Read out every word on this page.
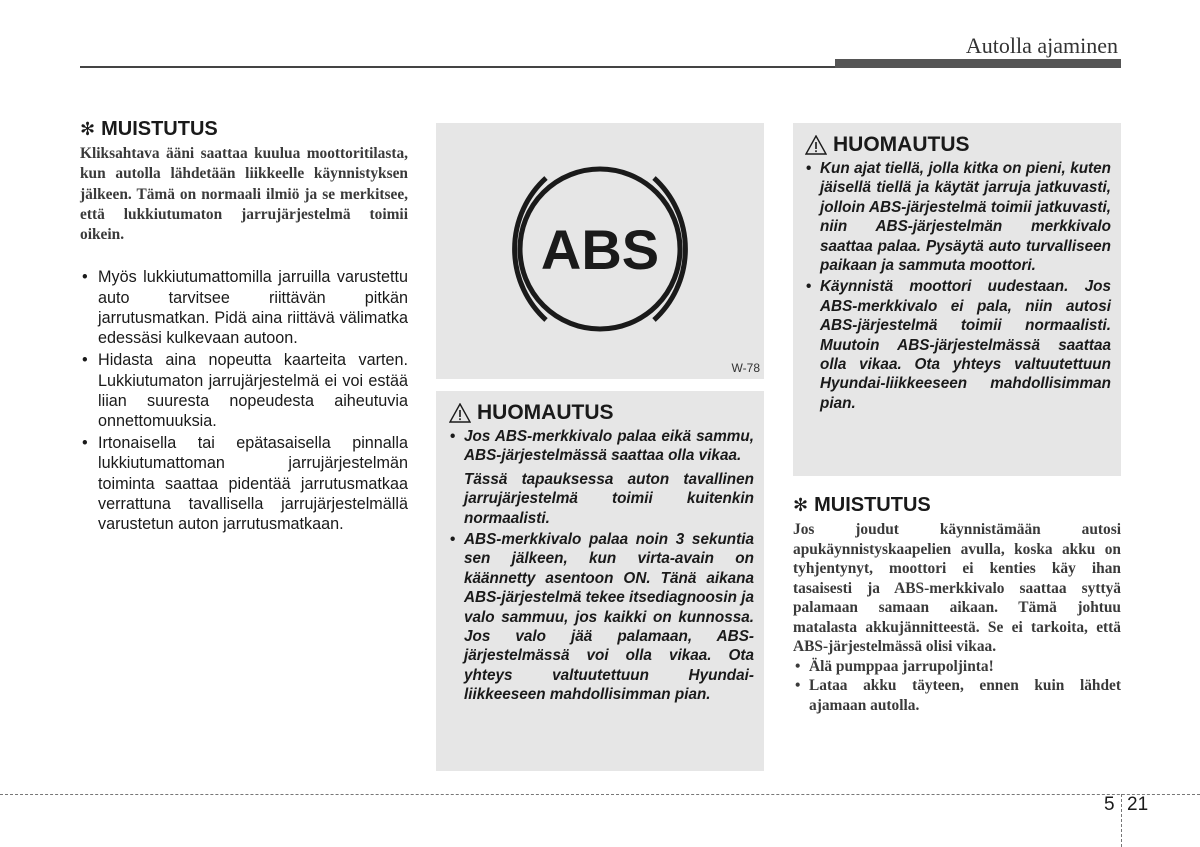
Autolla ajaminen
✻ MUISTUTUS

Kliksahtava ääni saattaa kuulua moottoritilasta, kun autolla lähdetään liikkeelle käynnistyksen jälkeen. Tämä on normaali ilmiö ja se merkitsee, että lukkiutumaton jarrujärjestelmä toimii oikein.

• Myös lukkiutumattomilla jarruilla varustettu auto tarvitsee riittävän pitkän jarrutusmatkan. Pidä aina riittävä välimatka edessäsi kulkevaan autoon.
• Hidasta aina nopeutta kaarteita varten. Lukkiutumaton jarrujärjestelmä ei voi estää liian suuresta nopeudesta aiheutuvia onnettomuuksia.
• Irtonaisella tai epätasaisella pinnalla lukkiutumattoman jarrujärjestelmän toiminta saattaa pidentää jarrutusmatkaa verrattuna tavallisella jarrujärjestelmällä varustetun auton jarrutusmatkaan.
ABS
W-78
HUOMAUTUS
• Jos ABS-merkkivalo palaa eikä sammu, ABS-järjestelmässä saattaa olla vikaa.
Tässä tapauksessa auton tavallinen jarrujärjestelmä toimii kuitenkin normaalisti.
• ABS-merkkivalo palaa noin 3 sekuntia sen jälkeen, kun virta-avain on käännetty asentoon ON. Tänä aikana ABS-järjestelmä tekee itsediagnoosin ja valo sammuu, jos kaikki on kunnossa. Jos valo jää palamaan, ABS-järjestelmässä voi olla vikaa. Ota yhteys valtuutettuun Hyundai-liikkeeseen mahdollisimman pian.
HUOMAUTUS
• Kun ajat tiellä, jolla kitka on pieni, kuten jäisellä tiellä ja käytät jarruja jatkuvasti, jolloin ABS-järjestelmä toimii jatkuvasti, niin ABS-järjestelmän merkkivalo saattaa palaa. Pysäytä auto turvalliseen paikaan ja sammuta moottori.
• Käynnistä moottori uudestaan. Jos ABS-merkkivalo ei pala, niin autosi ABS-järjestelmä toimii normaalisti. Muutoin ABS-järjestelmässä saattaa olla vikaa. Ota yhteys valtuutettuun Hyundai-liikkeeseen mahdollisimman pian.
✻ MUISTUTUS

Jos joudut käynnistämään autosi apukäynnistyskaapelien avulla, koska akku on tyhjentynyt, moottori ei kenties käy ihan tasaisesti ja ABS-merkkivalo saattaa syttyä palamaan samaan aikaan. Tämä johtuu matalasta akkujännitteestä. Se ei tarkoita, että ABS-järjestelmässä olisi vikaa.

• Älä pumppaa jarrupoljinta!
• Lataa akku täyteen, ennen kuin lähdet ajamaan autolla.
5 21
